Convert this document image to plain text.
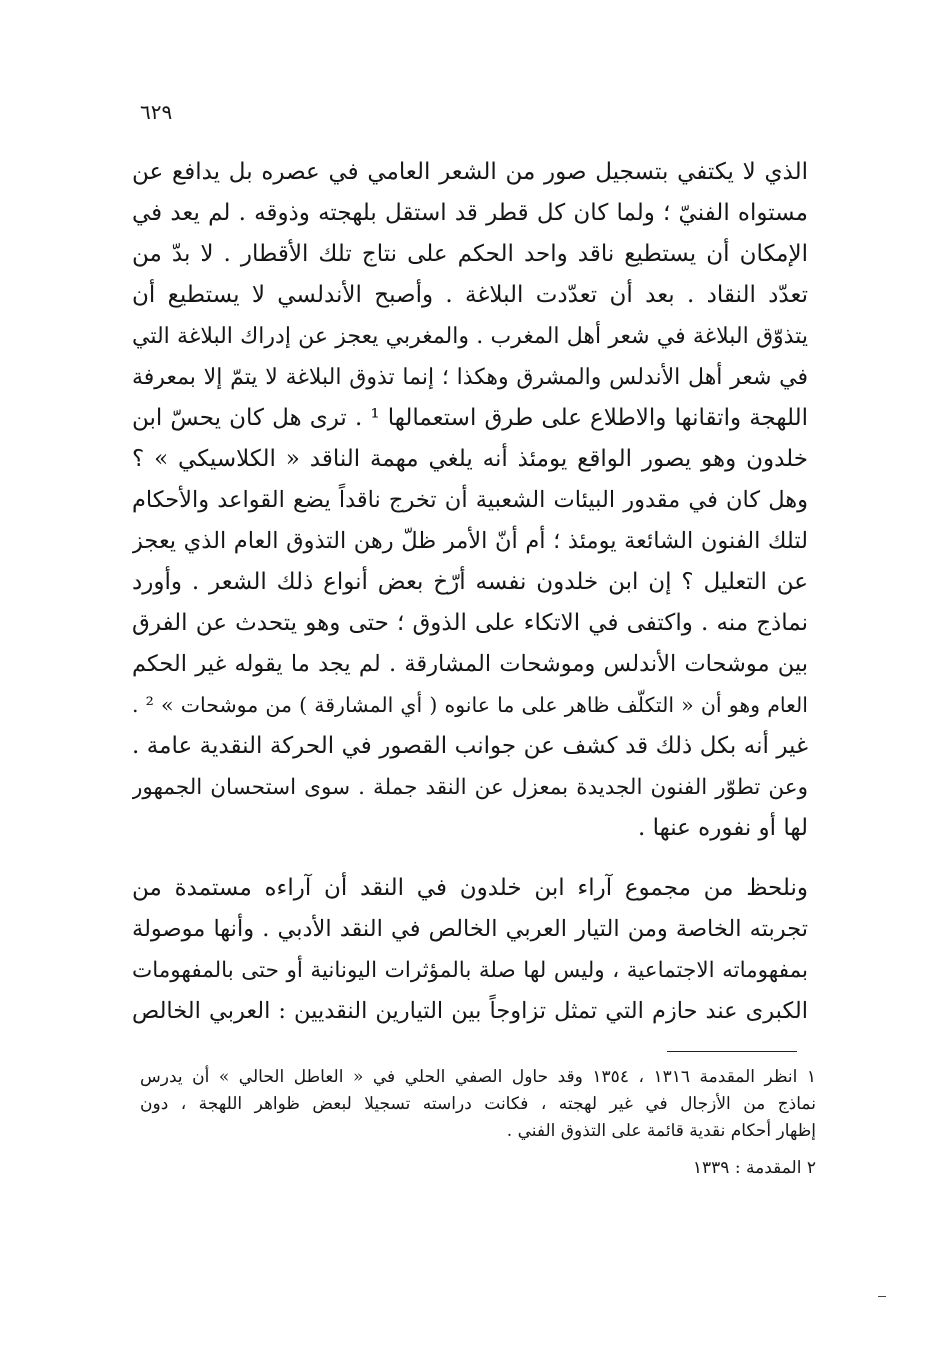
٦٢٩
الذي لا يكتفي بتسجيل صور من الشعر العامي في عصره بل يدافع عن
مستواه الفنيّ ؛ ولما كان كل قطر قد استقل بلهجته وذوقه . لم يعد في
الإمكان أن يستطيع ناقد واحد الحكم على نتاج تلك الأقطار . لا بدّ من
تعدّد النقاد . بعد أن تعدّدت البلاغة . وأصبح الأندلسي لا يستطيع أن
يتذوّق البلاغة في شعر أهل المغرب . والمغربي يعجز عن إدراك البلاغة التي
في شعر أهل الأندلس والمشرق وهكذا ؛ إنما تذوق البلاغة لا يتمّ إلا بمعرفة
اللهجة واتقانها والاطلاع على طرق استعمالها ¹ . ترى هل كان يحسّ ابن
خلدون وهو يصور الواقع يومئذ أنه يلغي مهمة الناقد « الكلاسيكي » ؟
وهل كان في مقدور البيئات الشعبية أن تخرج ناقداً يضع القواعد والأحكام
لتلك الفنون الشائعة يومئذ ؛ أم أنّ الأمر ظلّ رهن التذوق العام الذي يعجز
عن التعليل ؟ إن ابن خلدون نفسه أرّخ بعض أنواع ذلك الشعر . وأورد
نماذج منه . واكتفى في الاتكاء على الذوق ؛ حتى وهو يتحدث عن الفرق
بين موشحات الأندلس وموشحات المشارقة . لم يجد ما يقوله غير الحكم
العام وهو أن « التكلّف ظاهر على ما عانوه ( أي المشارقة ) من موشحات » ² .
غير أنه بكل ذلك قد كشف عن جوانب القصور في الحركة النقدية عامة .
وعن تطوّر الفنون الجديدة بمعزل عن النقد جملة . سوى استحسان الجمهور
لها أو نفوره عنها .
ونلحظ من مجموع آراء ابن خلدون في النقد أن آراءه مستمدة من
تجربته الخاصة ومن التيار العربي الخالص في النقد الأدبي . وأنها موصولة
بمفهوماته الاجتماعية ، وليس لها صلة بالمؤثرات اليونانية أو حتى بالمفهومات
الكبرى عند حازم التي تمثل تزاوجاً بين التيارين النقديين : العربي الخالص
١ انظر المقدمة ١٣١٦ ، ١٣٥٤ وقد حاول الصفي الحلي في « العاطل الحالي » أن يدرس
نماذج من الأزجال في غير لهجته ، فكانت دراسته تسجيلا لبعض ظواهر اللهجة ، دون
إظهار أحكام نقدية قائمة على التذوق الفني .
٢ المقدمة : ١٣٣٩
